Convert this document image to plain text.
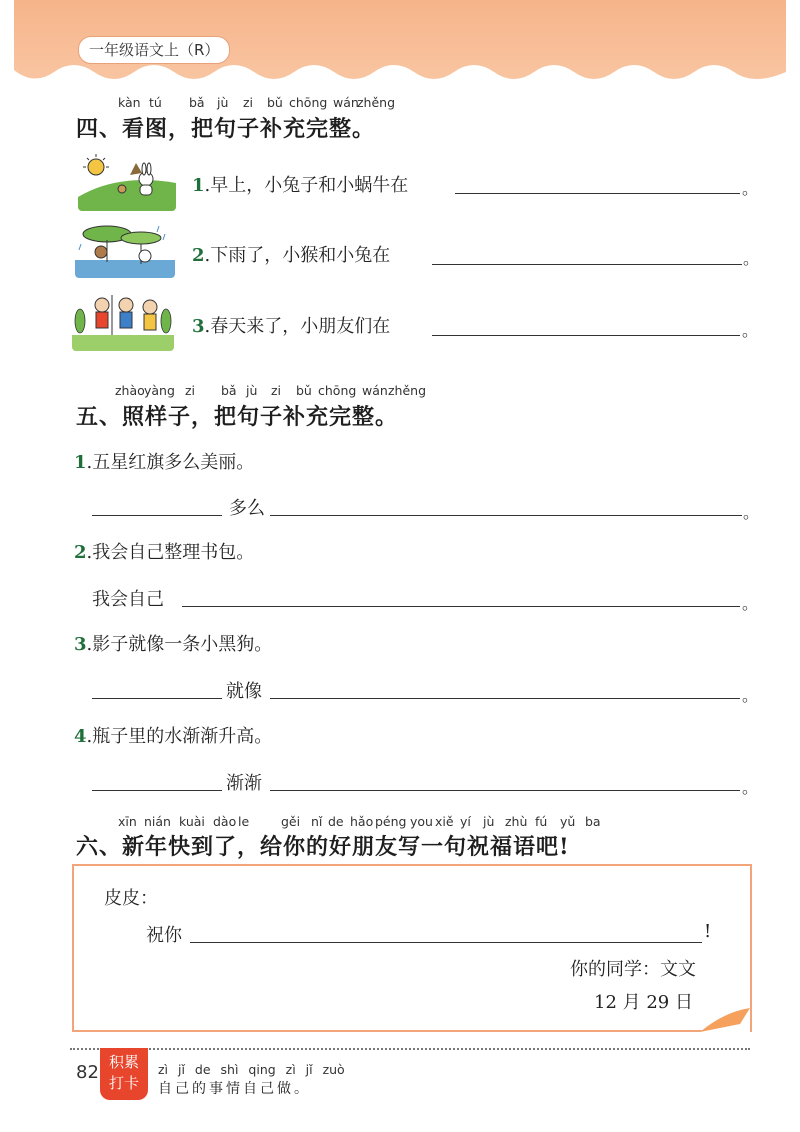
一年级语文上（R）
kàn tú bǎ jù zi bǔ chōng wán
zhěng
四、看图，把句子补充完整。
1.早上，小兔子和小蜗牛在	。
2.下雨了，小猴和小兔在	。
3.春天来了，小朋友们在	。
zhào yàng zi bǎ jù zi bǔ chōng wán zhěng
五、照样子，把句子补充完整。
1.五星红旗多么美丽。
多么	。
2.我会自己整理书包。
我会自己	。
3.影子就像一条小黑狗。
就像	。
4.瓶子里的水渐渐升高。
渐渐	。
xīn nián kuài dào le	gěi nǐ de hǎo péng you xiě yí jù zhù fú yǔ ba
六、新年快到了，给你的好朋友写一句祝福语吧!
皮皮：
祝你	!
你的同学：文文
12 月 29 日
82 积累
打卡
zì jǐ de shì qing zì jǐ zuò
自己的事情自己做。
